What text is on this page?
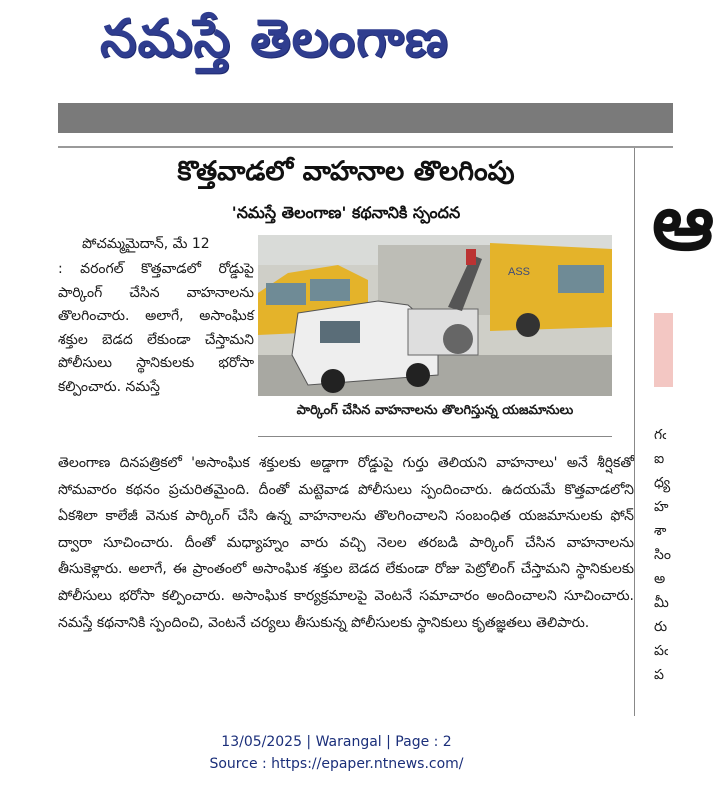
నమస్తే తెలంగాణ
కొత్తవాడలో వాహనాల తొలగింపు
'నమస్తే తెలంగాణ' కథనానికి స్పందన
పోచమ్మమైదాన్, మే 12
: వరంగల్ కొత్తవాడలో రోడ్డుపై పార్కింగ్ చేసిన వాహనాలను తొలగించారు. అలాగే, అసాంఘిక శక్తుల బెడద లేకుండా చేస్తామని పోలీసులు స్థానికులకు భరోసా కల్పించారు. నమస్తే
ASS
పార్కింగ్ చేసిన వాహనాలను తొలగిస్తున్న యజమానులు
తెలంగాణ దినపత్రికలో 'అసాంఘిక శక్తులకు అడ్డాగా రోడ్డుపై గుర్తు తెలియని వాహనాలు' అనే శీర్షికతో సోమవారం కథనం ప్రచురితమైంది. దీంతో మట్టెవాడ పోలీసులు స్పందించారు. ఉదయమే కొత్తవాడలోని ఏకశిలా కాలేజీ వెనుక పార్కింగ్ చేసి ఉన్న వాహనాలను తొలగించాలని సంబంధిత యజమానులకు ఫోన్ ద్వారా సూచించారు. దీంతో మధ్యాహ్నం వారు వచ్చి నెలల తరబడి పార్కింగ్ చేసిన వాహనాలను తీసుకెళ్లారు. అలాగే, ఈ ప్రాంతంలో అసాంఘిక శక్తుల బెడద లేకుండా రోజు పెట్రోలింగ్ చేస్తామని స్థానికులకు పోలీసులు భరోసా కల్పించారు. అసాంఘిక కార్యక్రమాలపై వెంటనే సమాచారం అందించాలని సూచించారు. నమస్తే కథనానికి స్పందించి, వెంటనే చర్యలు తీసుకున్న పోలీసులకు స్థానికులు కృతజ్ఞతలు తెలిపారు.
ఆ
గఁ
ఐ
ధ్య
హ
శా
సిం
అ
మీ
రు
పఁ
ప
13/05/2025 | Warangal | Page : 2
Source : https://epaper.ntnews.com/
